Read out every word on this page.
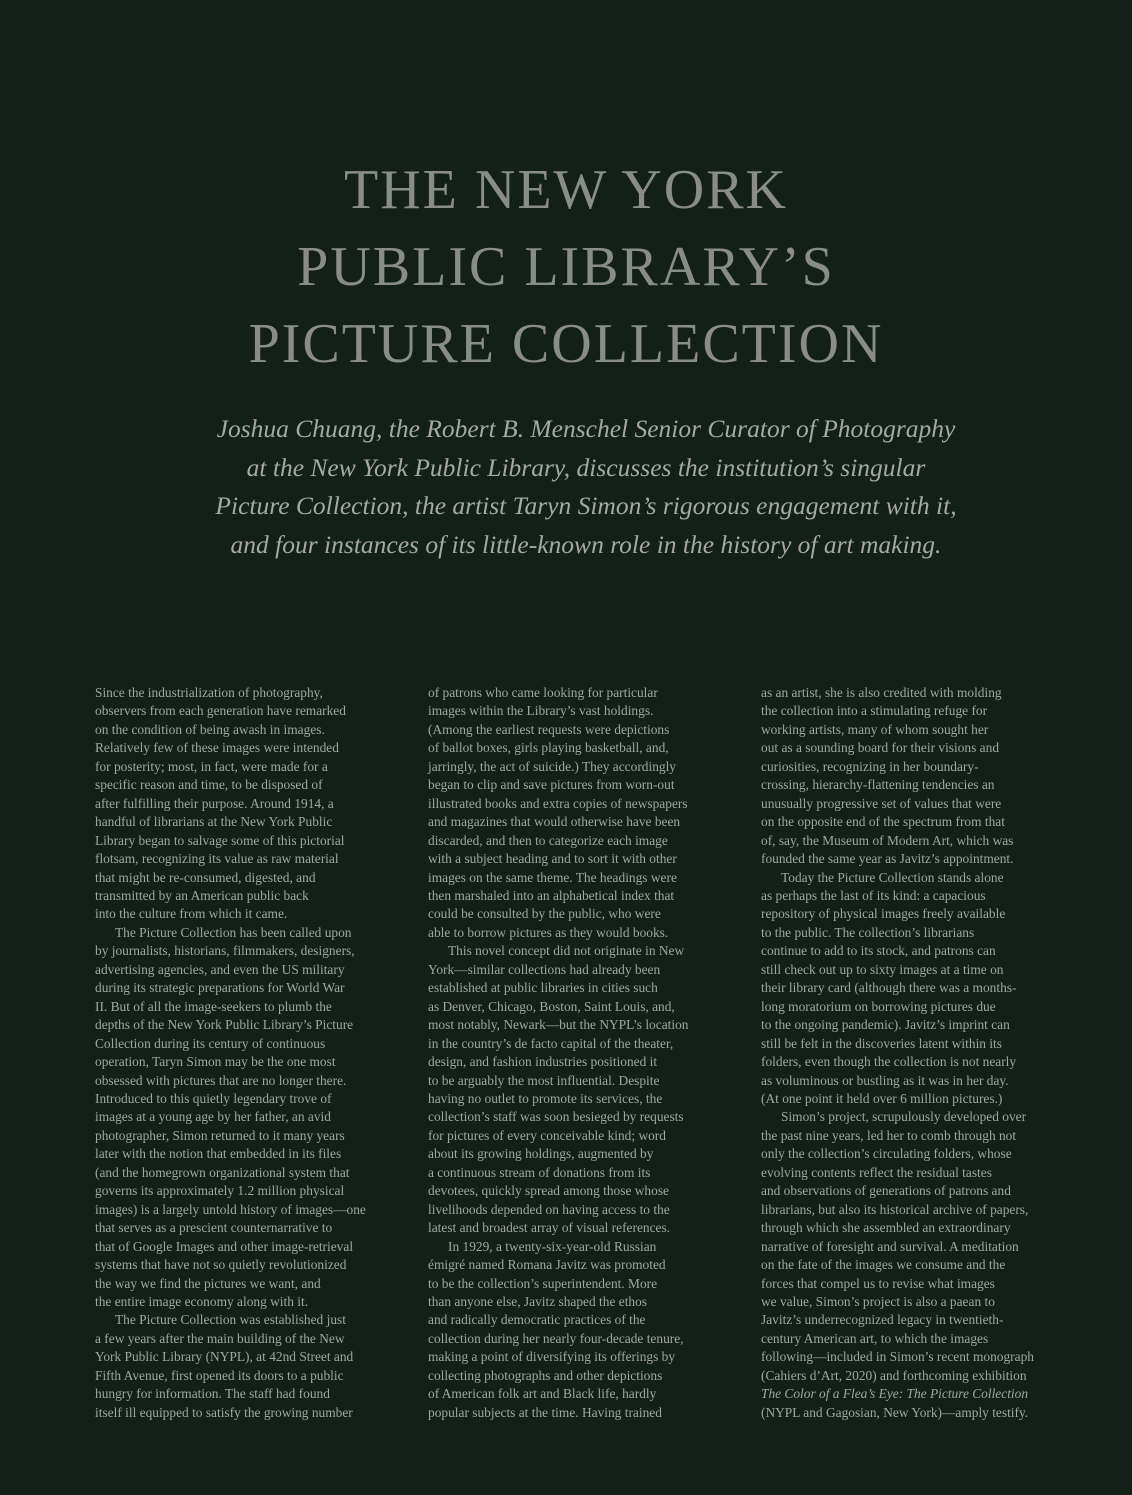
THE NEW YORK
PUBLIC LIBRARY’S
PICTURE COLLECTION

Joshua Chuang, the Robert B. Menschel Senior Curator of Photography
at the New York Public Library, discusses the institution’s singular
Picture Collection, the artist Taryn Simon’s rigorous engagement with it,
and four instances of its little-known role in the history of art making.

Since the industrialization of photography,
observers from each generation have remarked
on the condition of being awash in images.
Relatively few of these images were intended
for posterity; most, in fact, were made for a
specific reason and time, to be disposed of
after fulfilling their purpose. Around 1914, a
handful of librarians at the New York Public
Library began to salvage some of this pictorial
flotsam, recognizing its value as raw material
that might be re-consumed, digested, and
transmitted by an American public back
into the culture from which it came.
The Picture Collection has been called upon
by journalists, historians, filmmakers, designers,
advertising agencies, and even the US military
during its strategic preparations for World War
II. But of all the image-seekers to plumb the
depths of the New York Public Library’s Picture
Collection during its century of continuous
operation, Taryn Simon may be the one most
obsessed with pictures that are no longer there.
Introduced to this quietly legendary trove of
images at a young age by her father, an avid
photographer, Simon returned to it many years
later with the notion that embedded in its files
(and the homegrown organizational system that
governs its approximately 1.2 million physical
images) is a largely untold history of images—one
that serves as a prescient counternarrative to
that of Google Images and other image-retrieval
systems that have not so quietly revolutionized
the way we find the pictures we want, and
the entire image economy along with it.
The Picture Collection was established just
a few years after the main building of the New
York Public Library (NYPL), at 42nd Street and
Fifth Avenue, first opened its doors to a public
hungry for information. The staff had found
itself ill equipped to satisfy the growing number
of patrons who came looking for particular
images within the Library’s vast holdings.
(Among the earliest requests were depictions
of ballot boxes, girls playing basketball, and,
jarringly, the act of suicide.) They accordingly
began to clip and save pictures from worn-out
illustrated books and extra copies of newspapers
and magazines that would otherwise have been
discarded, and then to categorize each image
with a subject heading and to sort it with other
images on the same theme. The headings were
then marshaled into an alphabetical index that
could be consulted by the public, who were
able to borrow pictures as they would books.
This novel concept did not originate in New
York—similar collections had already been
established at public libraries in cities such
as Denver, Chicago, Boston, Saint Louis, and,
most notably, Newark—but the NYPL’s location
in the country’s de facto capital of the theater,
design, and fashion industries positioned it
to be arguably the most influential. Despite
having no outlet to promote its services, the
collection’s staff was soon besieged by requests
for pictures of every conceivable kind; word
about its growing holdings, augmented by
a continuous stream of donations from its
devotees, quickly spread among those whose
livelihoods depended on having access to the
latest and broadest array of visual references.
In 1929, a twenty-six-year-old Russian
émigré named Romana Javitz was promoted
to be the collection’s superintendent. More
than anyone else, Javitz shaped the ethos
and radically democratic practices of the
collection during her nearly four-decade tenure,
making a point of diversifying its offerings by
collecting photographs and other depictions
of American folk art and Black life, hardly
popular subjects at the time. Having trained
as an artist, she is also credited with molding
the collection into a stimulating refuge for
working artists, many of whom sought her
out as a sounding board for their visions and
curiosities, recognizing in her boundary-
crossing, hierarchy-flattening tendencies an
unusually progressive set of values that were
on the opposite end of the spectrum from that
of, say, the Museum of Modern Art, which was
founded the same year as Javitz’s appointment.
Today the Picture Collection stands alone
as perhaps the last of its kind: a capacious
repository of physical images freely available
to the public. The collection’s librarians
continue to add to its stock, and patrons can
still check out up to sixty images at a time on
their library card (although there was a months-
long moratorium on borrowing pictures due
to the ongoing pandemic). Javitz’s imprint can
still be felt in the discoveries latent within its
folders, even though the collection is not nearly
as voluminous or bustling as it was in her day.
(At one point it held over 6 million pictures.)
Simon’s project, scrupulously developed over
the past nine years, led her to comb through not
only the collection’s circulating folders, whose
evolving contents reflect the residual tastes
and observations of generations of patrons and
librarians, but also its historical archive of papers,
through which she assembled an extraordinary
narrative of foresight and survival. A meditation
on the fate of the images we consume and the
forces that compel us to revise what images
we value, Simon’s project is also a paean to
Javitz’s underrecognized legacy in twentieth-
century American art, to which the images
following—included in Simon’s recent monograph
(Cahiers d’Art, 2020) and forthcoming exhibition
The Color of a Flea’s Eye: The Picture Collection
(NYPL and Gagosian, New York)—amply testify.
